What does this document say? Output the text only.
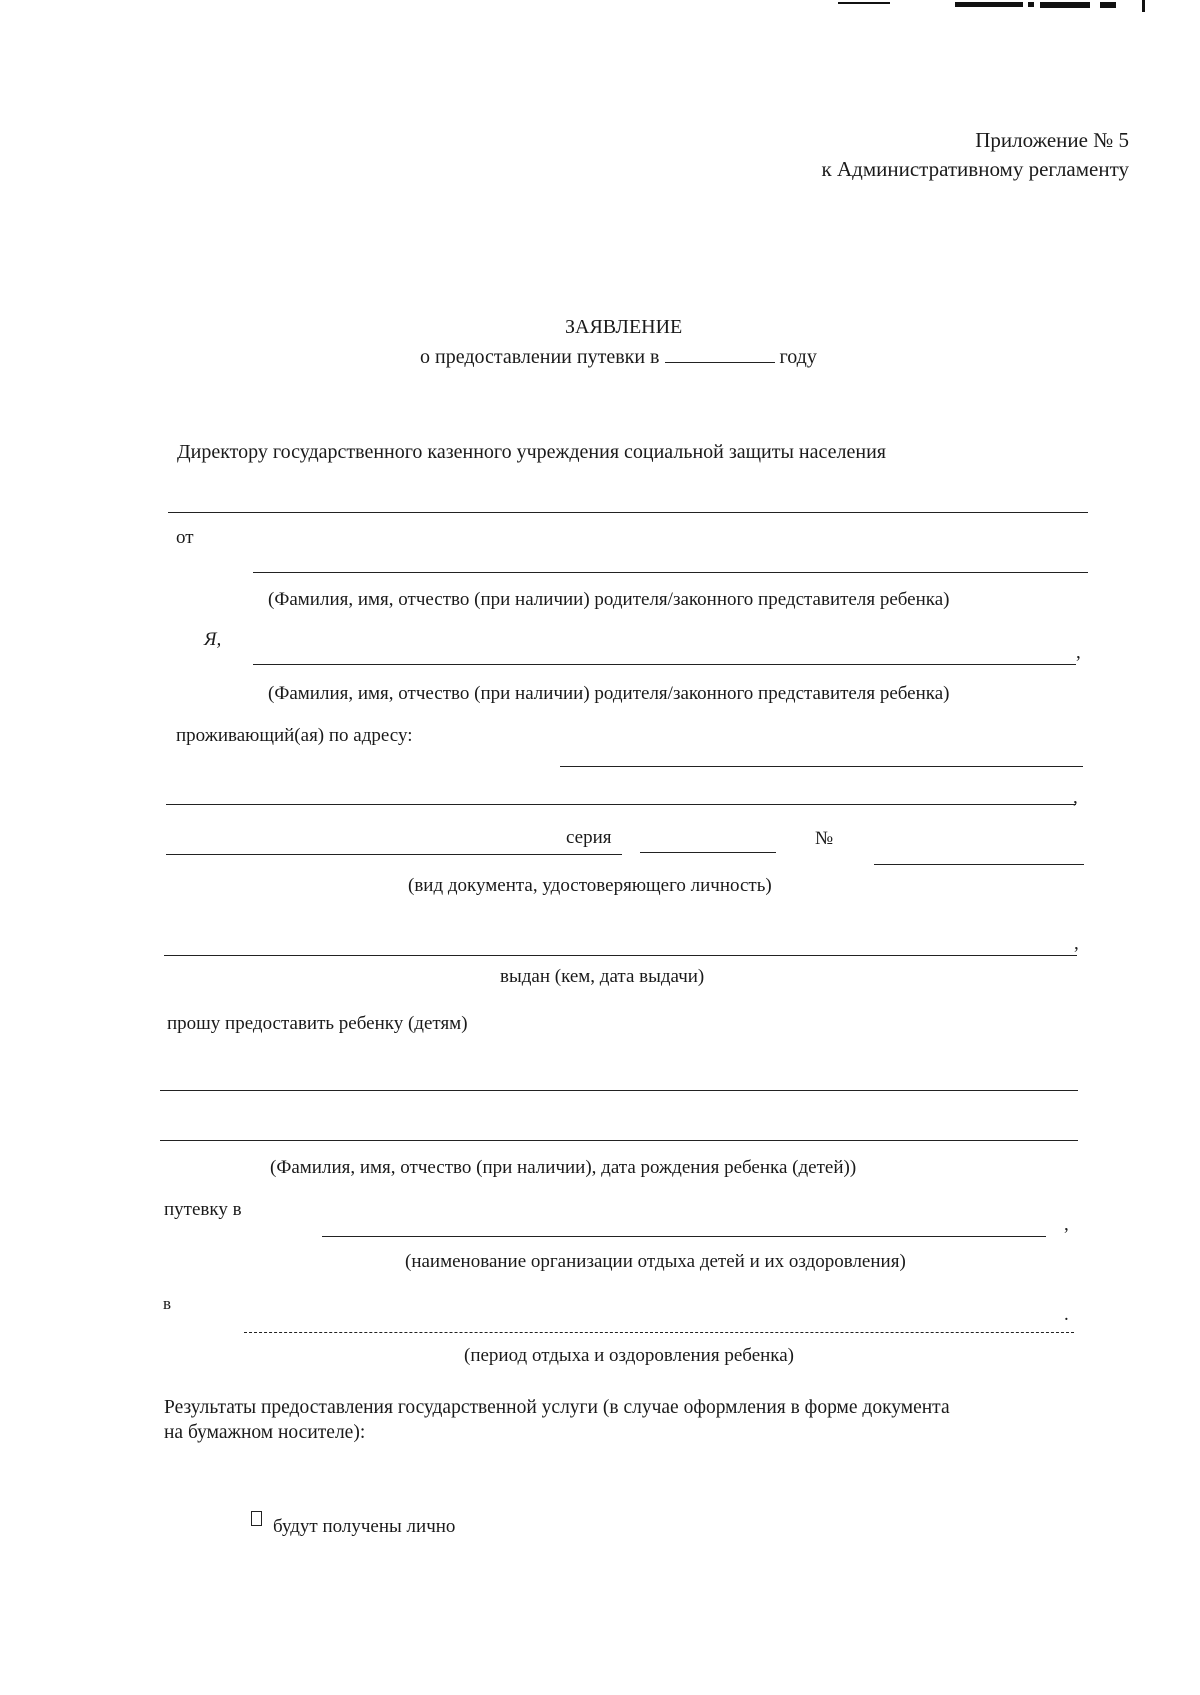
Приложение № 5
к Административному регламенту
ЗАЯВЛЕНИЕ
о предоставлении путевки в	году
Директору государственного казенного учреждения социальной защиты населения
от
(Фамилия, имя, отчество (при наличии) родителя/законного представителя ребенка)
Я,
,
(Фамилия, имя, отчество (при наличии) родителя/законного представителя ребенка)
проживающий(ая) по адресу:
,
серия	№
(вид документа, удостоверяющего личность)
,
выдан (кем, дата выдачи)
прошу предоставить ребенку (детям)
(Фамилия, имя, отчество (при наличии), дата рождения ребенка (детей))
путевку в
,
(наименование организации отдыха детей и их оздоровления)
в
.
(период отдыха и оздоровления ребенка)
Результаты предоставления государственной услуги (в случае оформления в форме документа
на бумажном носителе):
будут получены лично
